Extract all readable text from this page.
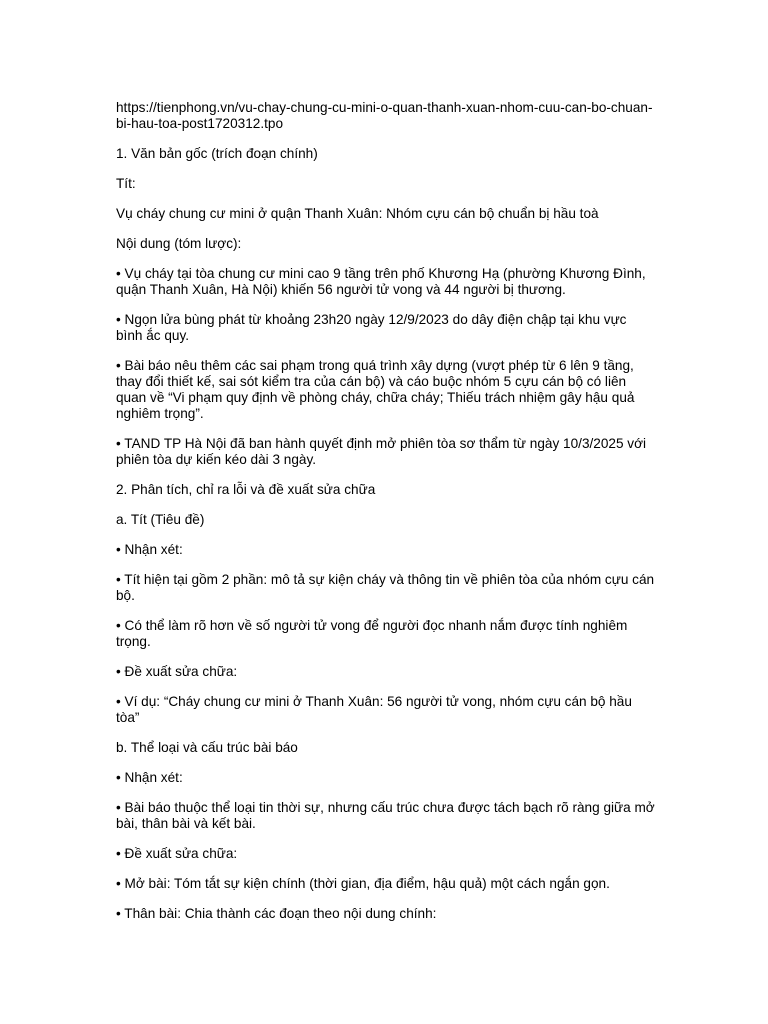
https://tienphong.vn/vu-chay-chung-cu-mini-o-quan-thanh-xuan-nhom-cuu-can-bo-chuan-bi-hau-toa-post1720312.tpo

1. Văn bản gốc (trích đoạn chính)

Tít:

Vụ cháy chung cư mini ở quận Thanh Xuân: Nhóm cựu cán bộ chuẩn bị hầu toà

Nội dung (tóm lược):

• Vụ cháy tại tòa chung cư mini cao 9 tầng trên phố Khương Hạ (phường Khương Đình, quận Thanh Xuân, Hà Nội) khiến 56 người tử vong và 44 người bị thương.

• Ngọn lửa bùng phát từ khoảng 23h20 ngày 12/9/2023 do dây điện chập tại khu vực bình ắc quy.

• Bài báo nêu thêm các sai phạm trong quá trình xây dựng (vượt phép từ 6 lên 9 tầng, thay đổi thiết kế, sai sót kiểm tra của cán bộ) và cáo buộc nhóm 5 cựu cán bộ có liên quan về “Vi phạm quy định về phòng cháy, chữa cháy; Thiếu trách nhiệm gây hậu quả nghiêm trọng”.

• TAND TP Hà Nội đã ban hành quyết định mở phiên tòa sơ thẩm từ ngày 10/3/2025 với phiên tòa dự kiến kéo dài 3 ngày.

2. Phân tích, chỉ ra lỗi và đề xuất sửa chữa

a. Tít (Tiêu đề)

• Nhận xét:

• Tít hiện tại gồm 2 phần: mô tả sự kiện cháy và thông tin về phiên tòa của nhóm cựu cán bộ.

• Có thể làm rõ hơn về số người tử vong để người đọc nhanh nắm được tính nghiêm trọng.

• Đề xuất sửa chữa:

• Ví dụ: “Cháy chung cư mini ở Thanh Xuân: 56 người tử vong, nhóm cựu cán bộ hầu tòa”

b. Thể loại và cấu trúc bài báo

• Nhận xét:

• Bài báo thuộc thể loại tin thời sự, nhưng cấu trúc chưa được tách bạch rõ ràng giữa mở bài, thân bài và kết bài.

• Đề xuất sửa chữa:

• Mở bài: Tóm tắt sự kiện chính (thời gian, địa điểm, hậu quả) một cách ngắn gọn.

• Thân bài: Chia thành các đoạn theo nội dung chính:
